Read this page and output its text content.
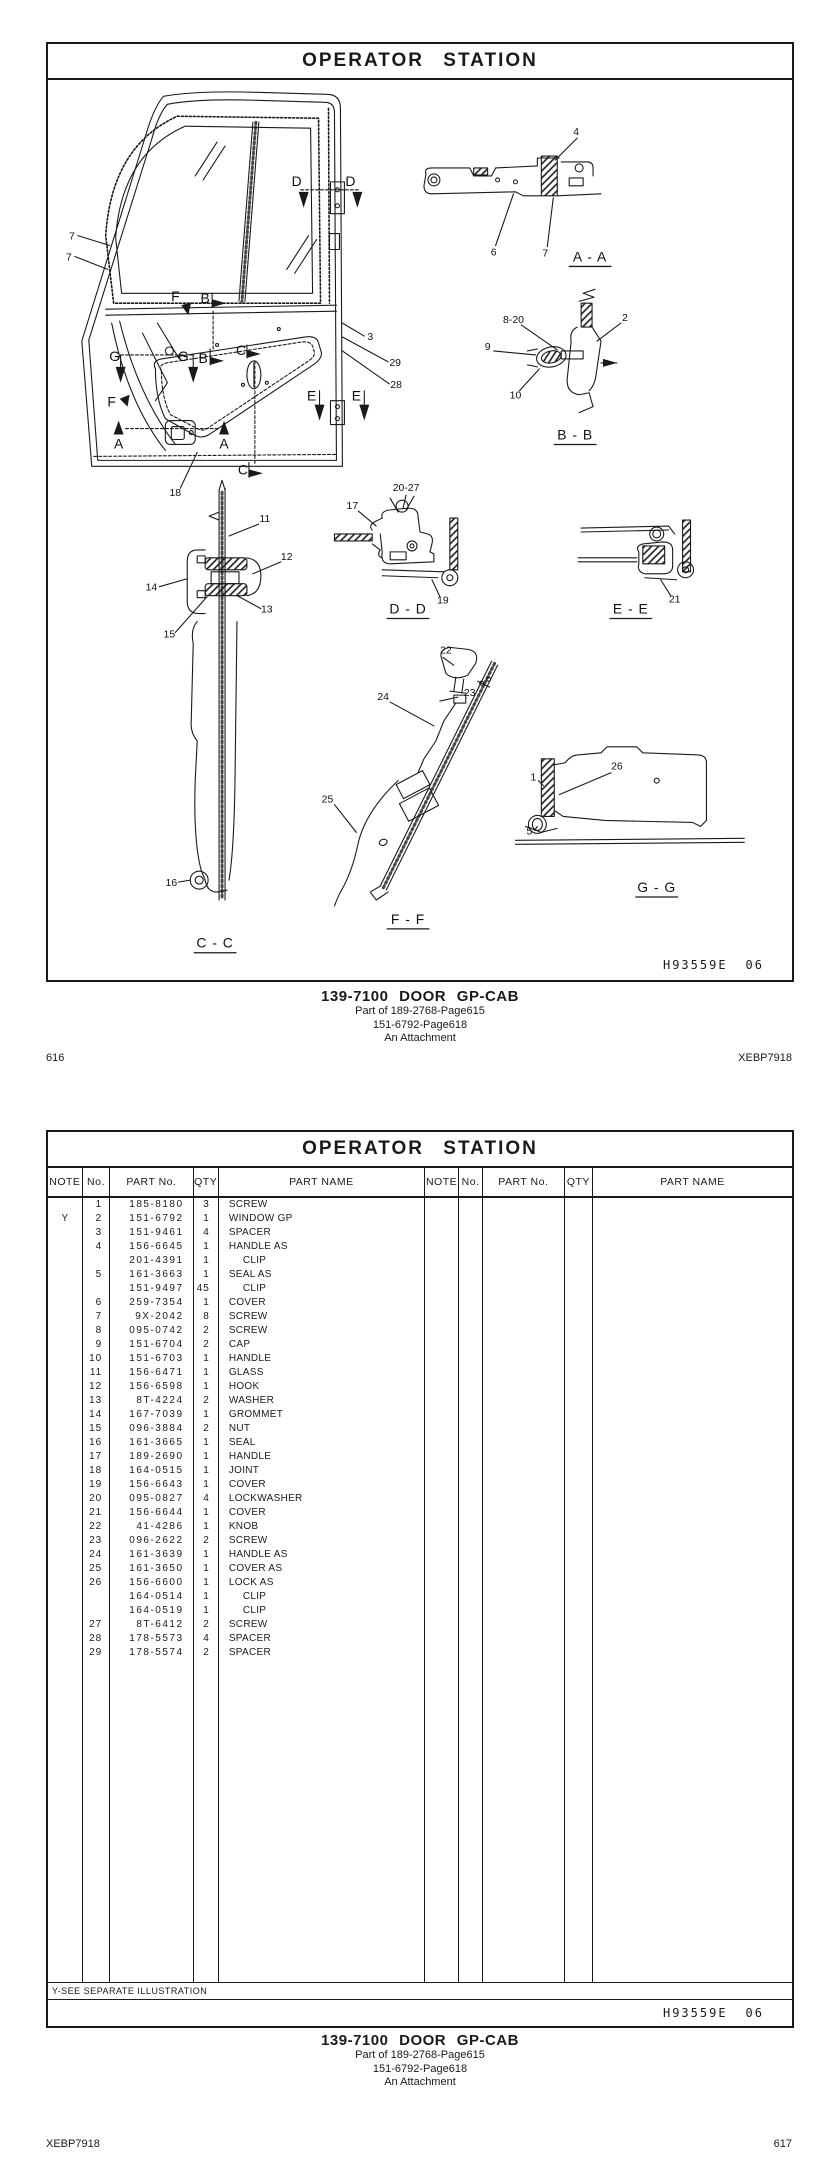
OPERATOR STATION
4
6	7
7
7
3
29
28
18
8-20
9
10
2
11
12
14
13
15
16
17
20-27
19	21
22
23
24
25
26
1
5
D	D
F B
G	G B C
C
E	E
A	A
F
A - A
B - B
C - C
D - D	E - E
F - F
G - G
H93559E 06
139-7100 DOOR GP-CAB
Part of 189-2768-Page615
151-6792-Page618
An Attachment
616	XEBP7918
OPERATOR STATION
NOTE	No.	PART No.	QTY	PART NAME	NOTE	No.	PART No.	QTY	PART NAME
	1	185-8180	3	SCREW					
Y	2	151-6792	1	WINDOW GP					
	3	151-9461	4	SPACER					
	4	156-6645	1	HANDLE AS					
		201-4391	1	CLIP					
	5	161-3663	1	SEAL AS					
		151-9497	45	CLIP					
	6	259-7354	1	COVER					
	7	9X-2042	8	SCREW					
	8	095-0742	2	SCREW					
	9	151-6704	2	CAP					
	10	151-6703	1	HANDLE					
	11	156-6471	1	GLASS					
	12	156-6598	1	HOOK					
	13	8T-4224	2	WASHER					
	14	167-7039	1	GROMMET					
	15	096-3884	2	NUT					
	16	161-3665	1	SEAL					
	17	189-2690	1	HANDLE					
	18	164-0515	1	JOINT					
	19	156-6643	1	COVER					
	20	095-0827	4	LOCKWASHER					
	21	156-6644	1	COVER					
	22	41-4286	1	KNOB					
	23	096-2622	2	SCREW					
	24	161-3639	1	HANDLE AS					
	25	161-3650	1	COVER AS					
	26	156-6600	1	LOCK AS					
		164-0514	1	CLIP					
		164-0519	1	CLIP					
	27	8T-6412	2	SCREW					
	28	178-5573	4	SPACER					
	29	178-5574	2	SPACER					

Y-SEE SEPARATE ILLUSTRATION
H93559E 06
139-7100 DOOR GP-CAB
Part of 189-2768-Page615
151-6792-Page618
An Attachment
XEBP7918	617
